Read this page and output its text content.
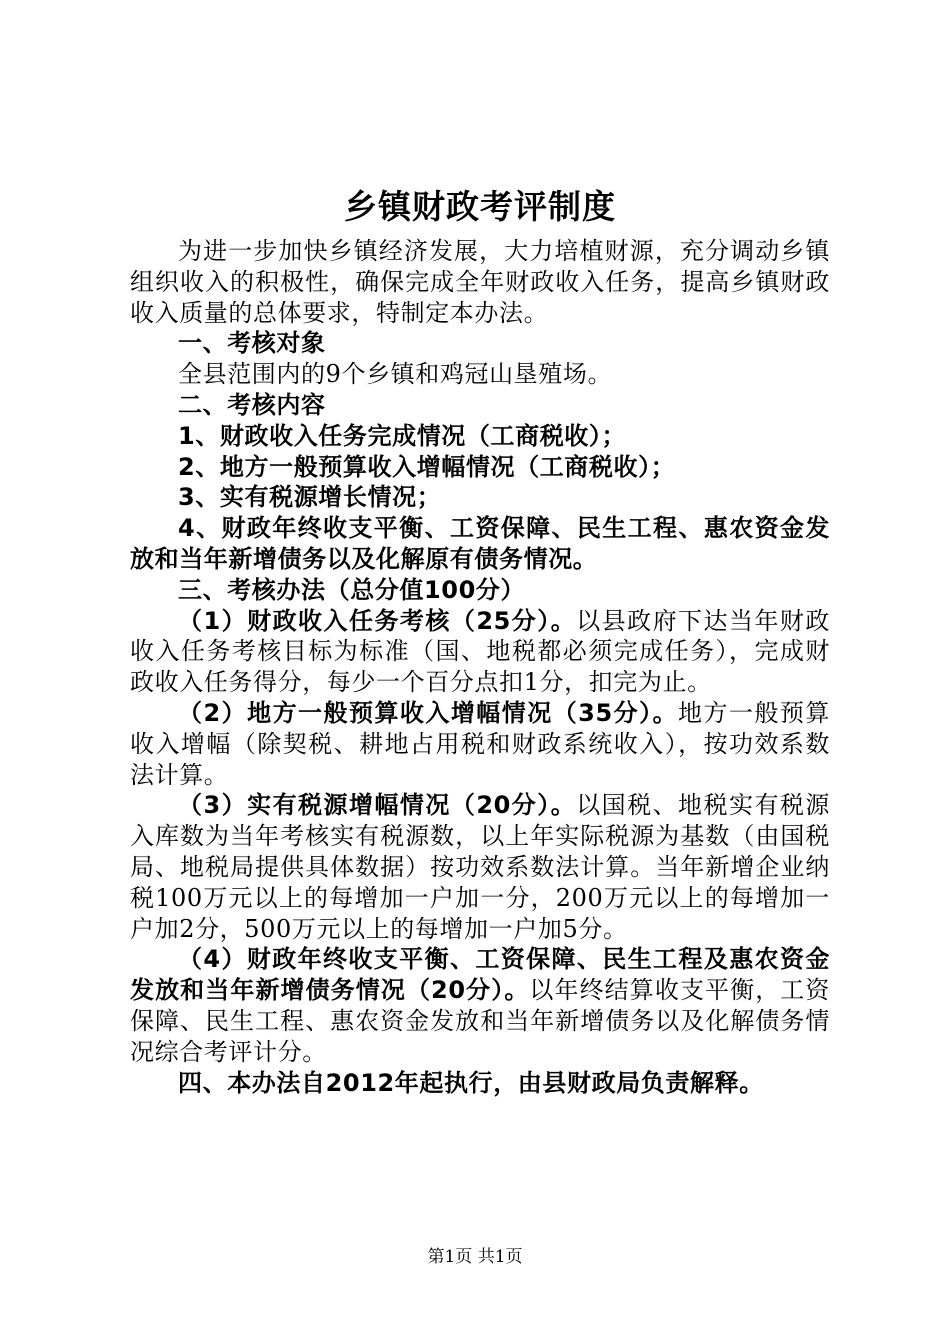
乡镇财政考评制度

为进一步加快乡镇经济发展，大力培植财源，充分调动乡镇组织收入的积极性，确保完成全年财政收入任务，提高乡镇财政收入质量的总体要求，特制定本办法。

一、考核对象

全县范围内的9个乡镇和鸡冠山垦殖场。

二、考核内容

1、财政收入任务完成情况（工商税收）；

2、地方一般预算收入增幅情况（工商税收）；

3、实有税源增长情况；

4、财政年终收支平衡、工资保障、民生工程、惠农资金发放和当年新增债务以及化解原有债务情况。

三、考核办法（总分值100分）

（1）财政收入任务考核（25分）。以县政府下达当年财政收入任务考核目标为标准（国、地税都必须完成任务），完成财政收入任务得分，每少一个百分点扣1分，扣完为止。

（2）地方一般预算收入增幅情况（35分）。地方一般预算收入增幅（除契税、耕地占用税和财政系统收入），按功效系数法计算。

（3）实有税源增幅情况（20分）。以国税、地税实有税源入库数为当年考核实有税源数，以上年实际税源为基数（由国税局、地税局提供具体数据）按功效系数法计算。当年新增企业纳税100万元以上的每增加一户加一分，200万元以上的每增加一户加2分，500万元以上的每增加一户加5分。

（4）财政年终收支平衡、工资保障、民生工程及惠农资金发放和当年新增债务情况（20分）。以年终结算收支平衡，工资保障、民生工程、惠农资金发放和当年新增债务以及化解债务情况综合考评计分。

四、本办法自2012年起执行，由县财政局负责解释。

第1页 共1页
